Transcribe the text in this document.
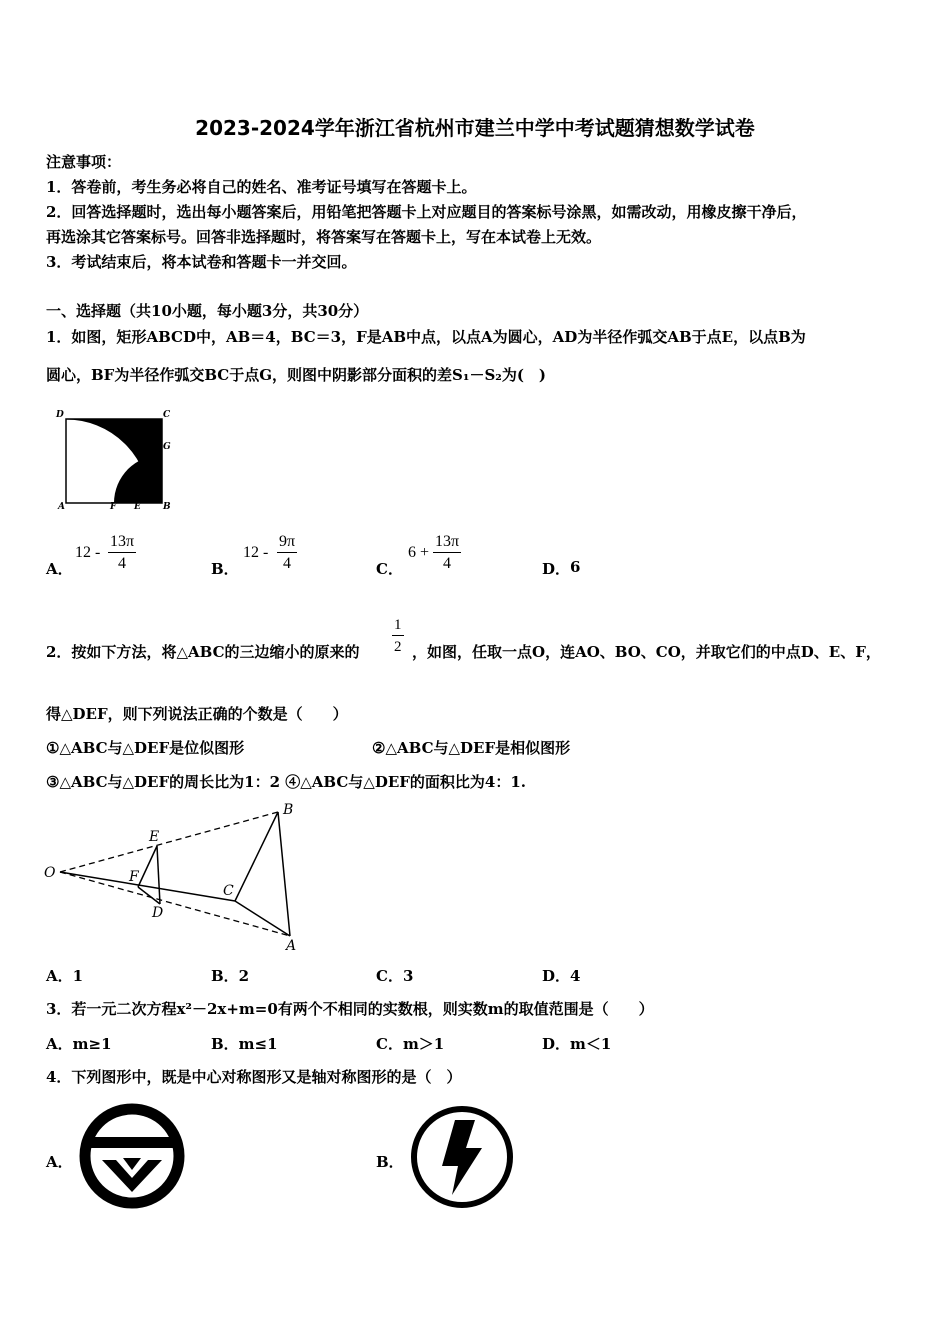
2023-2024学年浙江省杭州市建兰中学中考试题猜想数学试卷
注意事项：
1．答卷前，考生务必将自己的姓名、准考证号填写在答题卡上。
2．回答选择题时，选出每小题答案后，用铅笔把答题卡上对应题目的答案标号涂黑，如需改动，用橡皮擦干净后，
再选涂其它答案标号。回答非选择题时，将答案写在答题卡上，写在本试卷上无效。
3．考试结束后，将本试卷和答题卡一并交回。
一、选择题（共10小题，每小题3分，共30分）
1．如图，矩形ABCD中，AB＝4，BC＝3，F是AB中点，以点A为圆心，AD为半径作弧交AB于点E，以点B为
圆心，BF为半径作弧交BC于点G，则图中阴影部分面积的差S₁－S₂为(　)
D	C
G
A	F E B
A．
$12 - \frac{13\pi}{4}$	B．
$12 - \frac{9\pi}{4}$	C．
$6 + \frac{13\pi}{4}$	D． 6
2．按如下方法，将△ABC的三边缩小的原来的 $\frac{1}{2}$ ，如图，任取一点O，连AO、BO、CO，并取它们的中点D、E、F，
得△DEF，则下列说法正确的个数是（　　）
①△ABC与△DEF是位似图形	②△ABC与△DEF是相似图形
③△ABC与△DEF的周长比为1：2 ④△ABC与△DEF的面积比为4：1.
O
E
F
D
C
B
A
A．1	B．2	C．3	D．4
3．若一元二次方程x²－2x+m=0有两个不相同的实数根，则实数m的取值范围是（　　）
A．m≥1	B．m≤1	C．m＞1	D．m＜1
4．下列图形中，既是中心对称图形又是轴对称图形的是（　）
A．	B．
